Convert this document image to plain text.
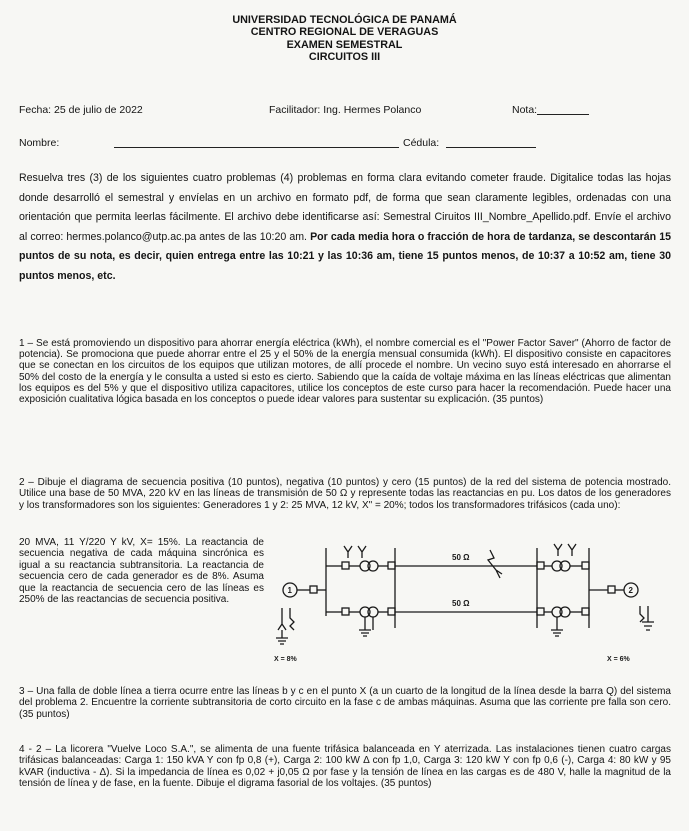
UNIVERSIDAD TECNOLÓGICA DE PANAMÁ
CENTRO REGIONAL DE VERAGUAS
EXAMEN SEMESTRAL
CIRCUITOS III
Fecha: 25 de julio de 2022	Facilitador: Ing. Hermes Polanco	Nota:
Nombre:	Cédula:

Resuelva tres (3) de los siguientes cuatro problemas (4) problemas en forma clara evitando cometer fraude. Digitalice todas las hojas donde desarrolló el semestral y envíelas en un archivo en formato pdf, de forma que sean claramente legibles, ordenadas con una orientación que permita leerlas fácilmente. El archivo debe identificarse así: Semestral Ciruitos III_Nombre_Apellido.pdf. Envíe el archivo al correo: hermes.polanco@utp.ac.pa antes de las 10:20 am. Por cada media hora o fracción de hora de tardanza, se descontarán 15 puntos de su nota, es decir, quien entrega entre las 10:21 y las 10:36 am, tiene 15 puntos menos, de 10:37 a 10:52 am, tiene 30 puntos menos, etc.

1 – Se está promoviendo un dispositivo para ahorrar energía eléctrica (kWh), el nombre comercial es el "Power Factor Saver" (Ahorro de factor de potencia). Se promociona que puede ahorrar entre el 25 y el 50% de la energía mensual consumida (kWh). El dispositivo consiste en capacitores que se conectan en los circuitos de los equipos que utilizan motores, de allí procede el nombre. Un vecino suyo está interesado en ahorrarse el 50% del costo de la energía y le consulta a usted si esto es cierto. Sabiendo que la caída de voltaje máxima en las líneas eléctricas que alimentan los equipos es del 5% y que el dispositivo utiliza capacitores, utilice los conceptos de este curso para hacer la recomendación. Puede hacer una exposición cualitativa lógica basada en los conceptos o puede idear valores para sustentar su explicación. (35 puntos)

2 – Dibuje el diagrama de secuencia positiva (10 puntos), negativa (10 puntos) y cero (15 puntos) de la red del sistema de potencia mostrado. Utilice una base de 50 MVA, 220 kV en las líneas de transmisión de 50 Ω y represente todas las reactancias en pu. Los datos de los generadores y los transformadores son los siguientes: Generadores 1 y 2: 25 MVA, 12 kV, X" = 20%; todos los transformadores trifásicos (cada uno):

20 MVA, 11 Y/220 Y kV, X= 15%. La reactancia de secuencia negativa de cada máquina sincrónica es igual a su reactancia subtransitoria. La reactancia de secuencia cero de cada generador es de 8%. Asuma que la reactancia de secuencia cero de las líneas es 250% de las reactancias de secuencia positiva.
50 Ω
50 Ω
1	2
X = 8%	X = 6%

3 – Una falla de doble línea a tierra ocurre entre las líneas b y c en el punto X (a un cuarto de la longitud de la línea desde la barra Q) del sistema del problema 2. Encuentre la corriente subtransitoria de corto circuito en la fase c de ambas máquinas. Asuma que las corriente pre falla son cero. (35 puntos)

4 - 2 – La licorera "Vuelve Loco S.A.", se alimenta de una fuente trifásica balanceada en Y aterrizada. Las instalaciones tienen cuatro cargas trifásicas balanceadas: Carga 1: 150 kVA Y con fp 0,8 (+), Carga 2: 100 kW Δ con fp 1,0, Carga 3: 120 kW Y con fp 0,6 (-), Carga 4: 80 kW y 95 kVAR (inductiva - Δ). Si la impedancia de línea es 0,02 + j0,05 Ω por fase y la tensión de línea en las cargas es de 480 V, halle la magnitud de la tensión de línea y de fase, en la fuente. Dibuje el digrama fasorial de los voltajes. (35 puntos)
